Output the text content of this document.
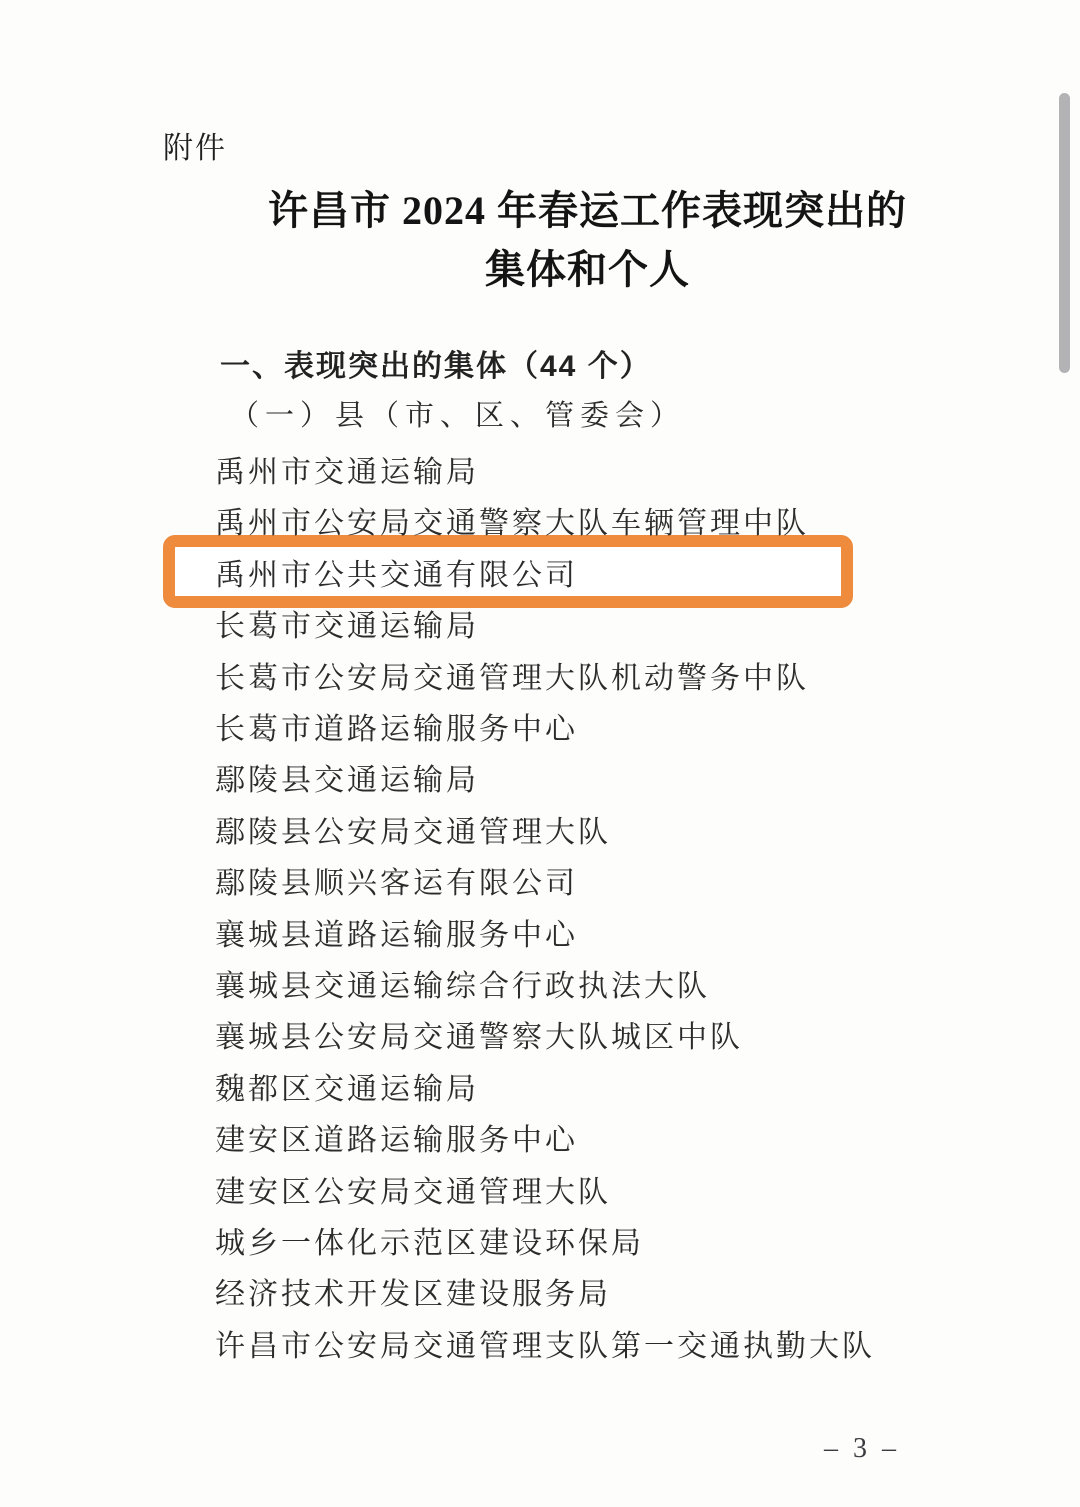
附件
许昌市 2024 年春运工作表现突出的
集体和个人
一、表现突出的集体（44 个）
（一）县（市、区、管委会）
禹州市交通运输局
禹州市公安局交通警察大队车辆管理中队
禹州市公共交通有限公司
长葛市交通运输局
长葛市公安局交通管理大队机动警务中队
长葛市道路运输服务中心
鄢陵县交通运输局
鄢陵县公安局交通管理大队
鄢陵县顺兴客运有限公司
襄城县道路运输服务中心
襄城县交通运输综合行政执法大队
襄城县公安局交通警察大队城区中队
魏都区交通运输局
建安区道路运输服务中心
建安区公安局交通管理大队
城乡一体化示范区建设环保局
经济技术开发区建设服务局
许昌市公安局交通管理支队第一交通执勤大队
– 3 –
